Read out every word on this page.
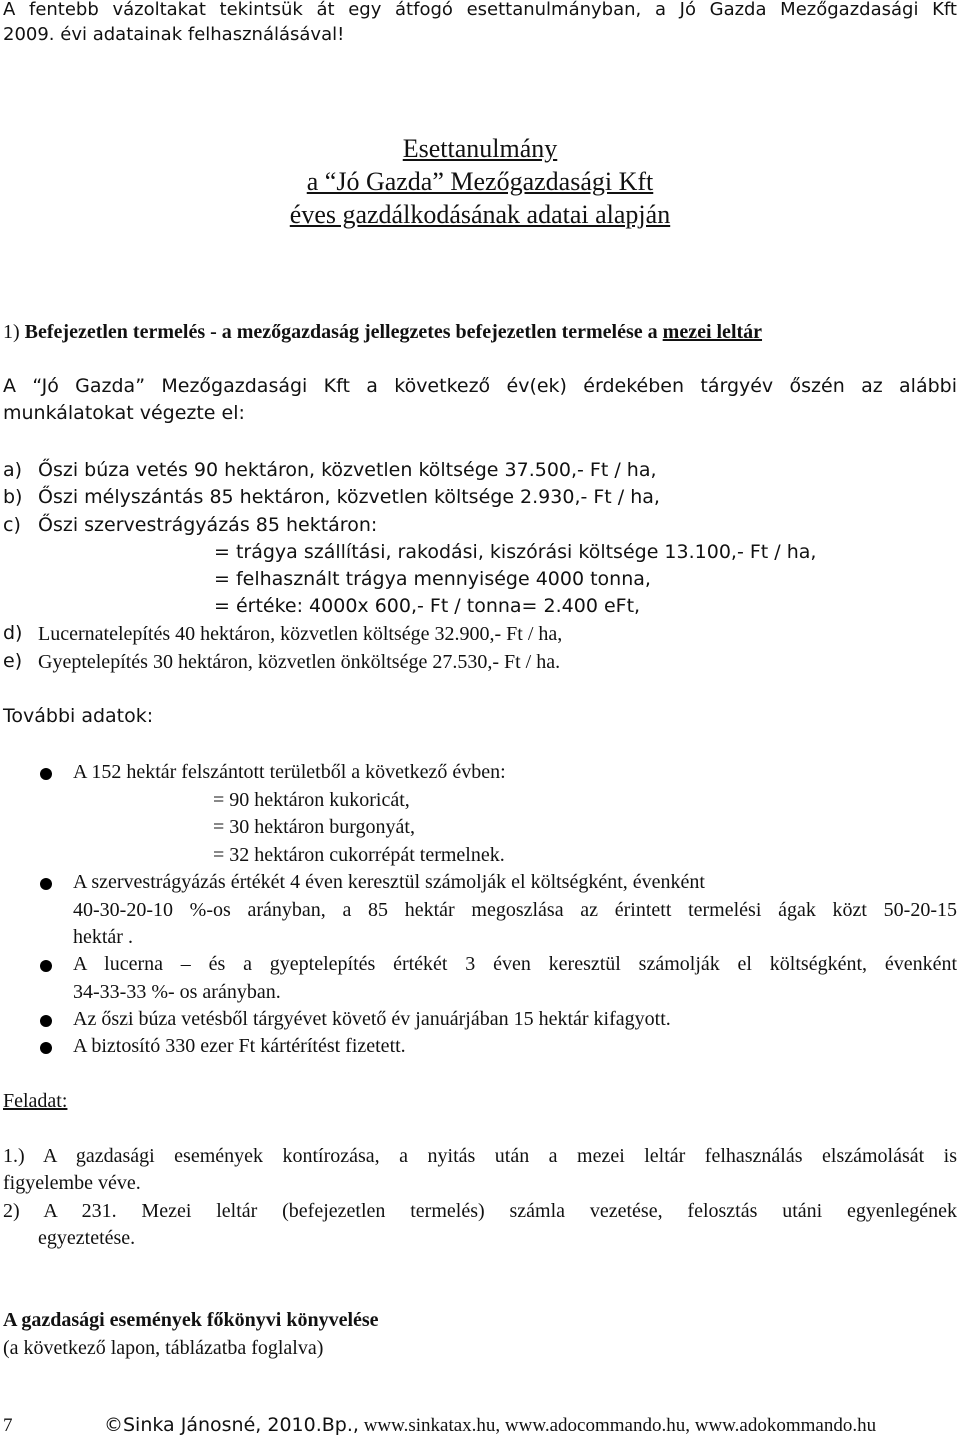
A fentebb vázoltakat tekintsük át egy átfogó esettanulmányban, a Jó Gazda Mezőgazdasági Kft
2009. évi adatainak felhasználásával!
Esettanulmány
a “Jó Gazda” Mezőgazdasági Kft
éves gazdálkodásának adatai alapján
1) Befejezetlen termelés - a mezőgazdaság jellegzetes befejezetlen termelése a mezei leltár
A “Jó Gazda” Mezőgazdasági Kft a következő év(ek) érdekében tárgyév őszén az alábbi
munkálatokat végezte el:
a) Őszi búza vetés 90 hektáron, közvetlen költsége 37.500,- Ft / ha,
b) Őszi mélyszántás 85 hektáron, közvetlen költsége 2.930,- Ft / ha,
c) Őszi szervestrágyázás 85 hektáron:
= trágya szállítási, rakodási, kiszórási költsége 13.100,- Ft / ha,
= felhasznált trágya mennyisége 4000 tonna,
= értéke: 4000x 600,- Ft / tonna= 2.400 eFt,
d) Lucernatelepítés 40 hektáron, közvetlen költsége 32.900,- Ft / ha,
e) Gyeptelepítés 30 hektáron, közvetlen önköltsége 27.530,- Ft / ha.
További adatok:
A 152 hektár felszántott területből a következő évben:
= 90 hektáron kukoricát,
= 30 hektáron burgonyát,
= 32 hektáron cukorrépát termelnek.
A szervestrágyázás értékét 4 éven keresztül számolják el költségként, évenként
40-30-20-10 %-os arányban, a 85 hektár megoszlása az érintett termelési ágak közt 50-20-15
hektár .
A lucerna – és a gyeptelepítés értékét 3 éven keresztül számolják el költségként, évenként
34-33-33 %- os arányban.
Az őszi búza vetésből tárgyévet követő év januárjában 15 hektár kifagyott.
A biztosító 330 ezer Ft kártérítést fizetett.
Feladat:
1.) A gazdasági események kontírozása, a nyitás után a mezei leltár felhasználás elszámolását is
figyelembe véve.
2) A 231. Mezei leltár (befejezetlen termelés) számla vezetése, felosztás utáni egyenlegének
egyeztetése.
A gazdasági események főkönyvi könyvelése
(a következő lapon, táblázatba foglalva)
7	©Sinka Jánosné, 2010.Bp., www.sinkatax.hu, www.adocommando.hu, www.adokommando.hu
